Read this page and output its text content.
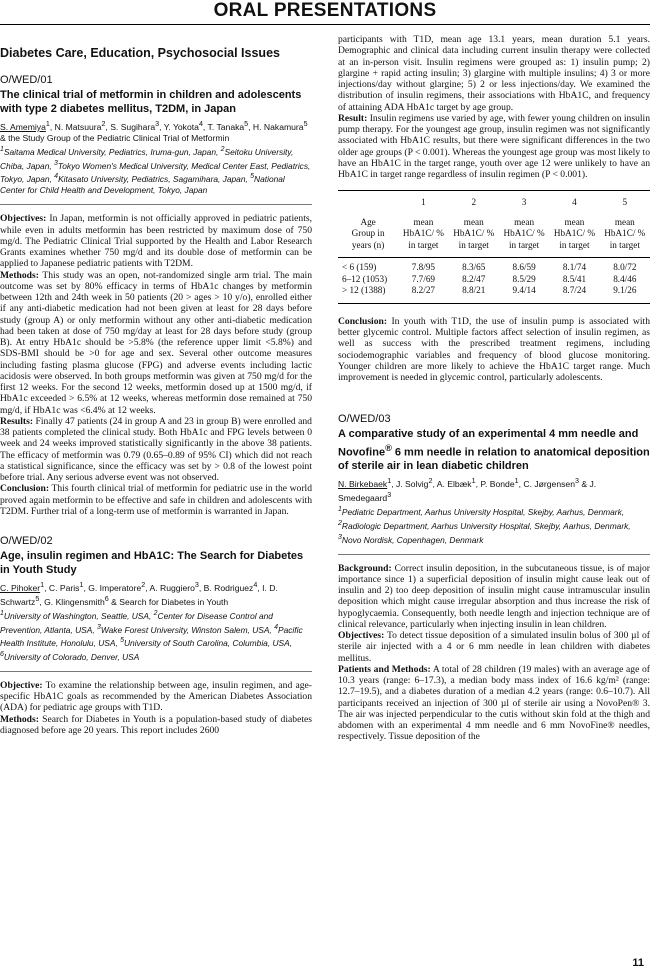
ORAL PRESENTATIONS
Diabetes Care, Education, Psychosocial Issues
O/WED/01
The clinical trial of metformin in children and adolescents with type 2 diabetes mellitus, T2DM, in Japan

S. Amemiya$^1$, N. Matsuura$^2$, S. Sugihara$^3$, Y. Yokota$^4$, T. Tanaka$^5$, H. Nakamura$^5$ & the Study Group of the Pediatric Clinical Trial of Metformin

$^1$Saitama Medical University, Pediatrics, Iruma-gun, Japan, $^2$Seitoku University, Chiba, Japan, $^3$Tokyo Women's Medical University, Medical Center East, Pediatrics, Tokyo, Japan, $^4$Kitasato University, Pediatrics, Sagamihara, Japan, $^5$National Center for Child Health and Development, Tokyo, Japan

Objectives: In Japan, metformin is not officially approved in pediatric patients, while even in adults metformin has been restricted by maximum dose of 750 mg/d. The Pediatric Clinical Trial supported by the Health and Labor Research Grants examines whether 750 mg/d and its double dose of metformin can be applied to Japanese pediatric patients with T2DM.

Methods: This study was an open, not-randomized single arm trial. The main outcome was set by 80% efficacy in terms of HbA1c changes by metformin between 12th and 24th week in 50 patients (20 > ages > 10 y/o), enrolled either if any anti-diabetic medication had not been given at least for 28 days before study (group A) or only metformin without any other anti-diabetic medication had been taken at dose of 750 mg/day at least for 28 days before study (group B). At entry HbA1c should be >5.8% (the reference upper limit <5.8%) and SDS-BMI should be >0 for age and sex. Several other outcome measures including fasting plasma glucose (FPG) and adverse events including lactic acidosis were observed. In both groups metformin was given at 750 mg/d for the first 12 weeks. For the second 12 weeks, metformin dosed up at 1500 mg/d, if HbA1c exceeded > 6.5% at 12 weeks, whereas metformin dose remained at 750 mg/d, if HbA1c was <6.4% at 12 weeks.

Results: Finally 47 patients (24 in group A and 23 in group B) were enrolled and 38 patients completed the clinical study. Both HbA1c and FPG levels between 0 week and 24 weeks improved statistically significantly in the above 38 patients. The efficacy of metformin was 0.79 (0.65–0.89 of 95% CI) which did not reach a statistical significance, since the efficacy was set by > 0.8 of the lowest point before trial. Any serious adverse event was not observed.

Conclusion: This fourth clinical trial of metformin for pediatric use in the world proved again metformin to be effective and safe in children and adolescents with T2DM. Further trial of a long-term use of metformin is warranted in Japan.

O/WED/02
Age, insulin regimen and HbA1C: The Search for Diabetes in Youth Study

C. Pihoker$^1$, C. Paris$^1$, G. Imperatore$^2$, A. Ruggiero$^3$, B. Rodriguez$^4$, I. D. Schwartz$^5$, G. Klingensmith$^6$ & Search for Diabetes in Youth

$^1$University of Washington, Seattle, USA, $^2$Center for Disease Control and Prevention, Atlanta, USA, $^3$Wake Forest University, Winston Salem, USA, $^4$Pacific Health Institute, Honolulu, USA, $^5$University of South Carolina, Columbia, USA, $^6$University of Colorado, Denver, USA

Objective: To examine the relationship between age, insulin regimen, and age-specific HbA1C goals as recommended by the American Diabetes Association (ADA) for pediatric age groups with T1D.

Methods: Search for Diabetes in Youth is a population-based study of diabetes diagnosed before age 20 years. This report includes 2600

participants with T1D, mean age 13.1 years, mean duration 5.1 years. Demographic and clinical data including current insulin therapy were collected at an in-person visit. Insulin regimens were grouped as: 1) insulin pump; 2) glargine + rapid acting insulin; 3) glargine with multiple insulins; 4) 3 or more injections/day without glargine; 5) 2 or less injections/day. We examined the distribution of insulin regimens, their associations with HbA1C, and frequency of attaining ADA HbA1c target by age group.

Result: Insulin regimens use varied by age, with fewer young children on insulin pump therapy. For the youngest age group, insulin regimen was not significantly associated with HbA1C results, but there were significant differences in the two older age groups (P < 0.001). Whereas the youngest age group was most likely to have an HbA1C in the target range, youth over age 12 were unlikely to have an HbA1C in target range regardless of insulin regimen (P < 0.001).

	1	2	3	4	5
Age	mean	mean	mean	mean	mean
Group in	HbA1C/ %	HbA1C/ %	HbA1C/ %	HbA1C/ %	HbA1C/ %
years (n)	in target	in target	in target	in target	in target
< 6 (159)	7.8/95	8.3/65	8.6/59	8.1/74	8.0/72
6–12 (1053)	7.7/69	8.2/47	8.5/29	8.5/41	8.4/46
> 12 (1388)	8.2/27	8.8/21	9.4/14	8.7/24	9.1/26

Conclusion: In youth with T1D, the use of insulin pump is associated with better glycemic control. Multiple factors affect selection of insulin regimen, as well as success with the prescribed treatment regimens, including sociodemographic variables and frequency of blood glucose monitoring. Younger children are more likely to achieve the HbA1C target range. Much improvement is needed in glycemic control, particularly adolescents.

O/WED/03
A comparative study of an experimental 4 mm needle and Novofine® 6 mm needle in relation to anatomical deposition of sterile air in lean diabetic children

N. Birkebaek$^1$, J. Solvig$^2$, A. Elbæk$^1$, P. Bonde$^1$, C. Jørgensen$^3$ & J. Smedegaard$^3$

$^1$Pediatric Department, Aarhus University Hospital, Skejby, Aarhus, Denmark, $^2$Radiologic Department, Aarhus University Hospital, Skejby, Aarhus, Denmark, $^3$Novo Nordisk, Copenhagen, Denmark

Background: Correct insulin deposition, in the subcutaneous tissue, is of major importance since 1) a superficial deposition of insulin might cause leak out of insulin and 2) too deep deposition of insulin might cause intramuscular insulin deposition which might cause irregular absorption and thus increase the risk of hypoglycaemia. Consequently, both needle length and injection technique are of clinical relevance, particularly when injecting insulin in lean children.

Objectives: To detect tissue deposition of a simulated insulin bolus of 300 µl of sterile air injected with a 4 or 6 mm needle in lean children with diabetes mellitus.

Patients and Methods: A total of 28 children (19 males) with an average age of 10.3 years (range: 6–17.3), a median body mass index of 16.6 kg/m² (range: 12.7–19.5), and a diabetes duration of a median 4.2 years (range: 0.6–10.7). All participants received an injection of 300 µl of sterile air using a NovoPen® 3. The air was injected perpendicular to the cutis without skin fold at the thigh and abdomen with an experimental 4 mm needle and 6 mm NovoFine® needles, respectively. Tissue deposition of the

11
